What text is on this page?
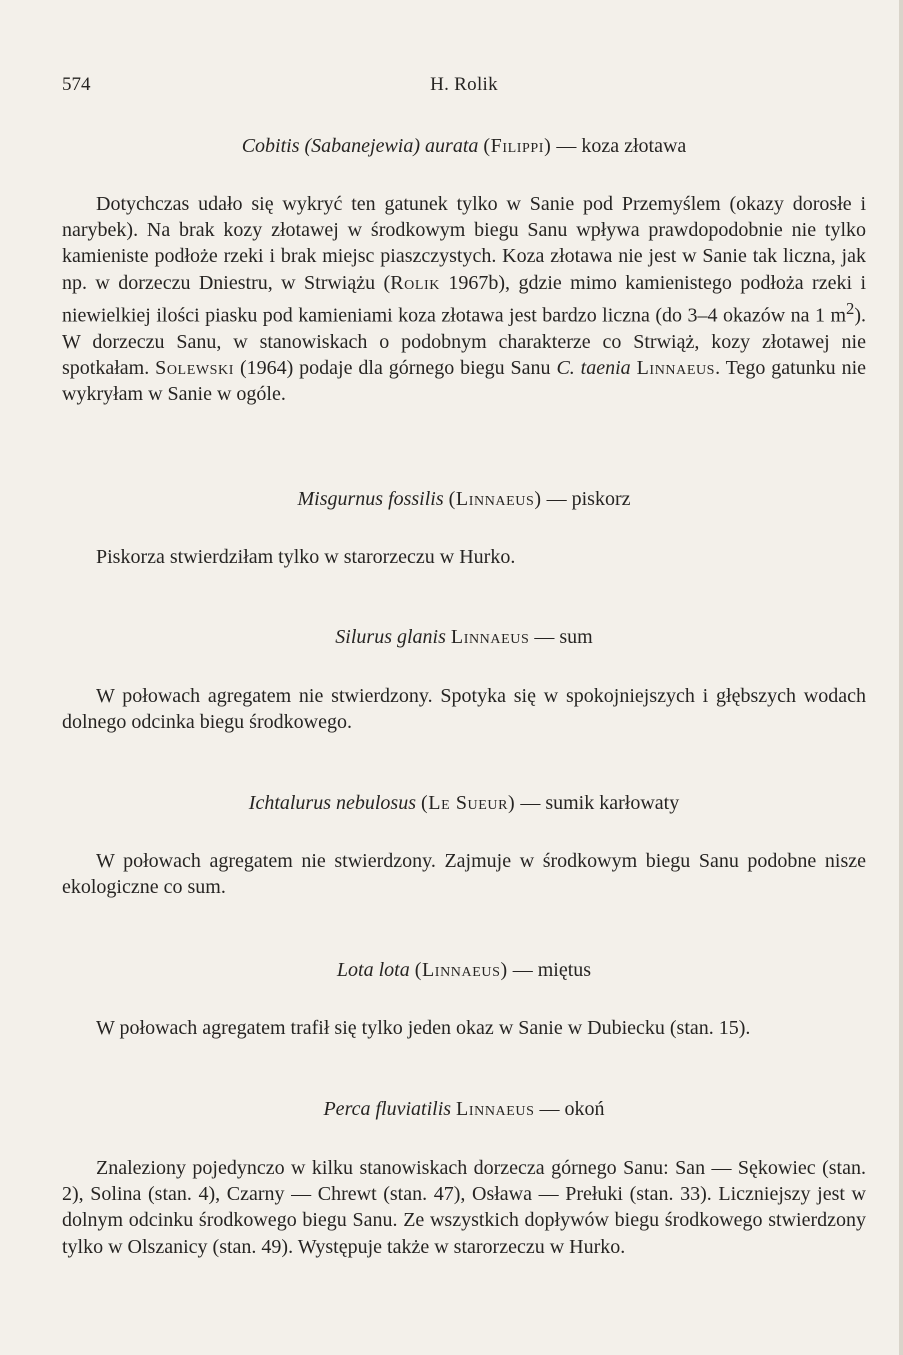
574	H. Rolik
Cobitis (Sabanejewia) aurata (Filippi) — koza złotawa
Dotychczas udało się wykryć ten gatunek tylko w Sanie pod Przemyślem (okazy dorosłe i narybek). Na brak kozy złotawej w środkowym biegu Sanu wpływa prawdopodobnie nie tylko kamieniste podłoże rzeki i brak miejsc piaszczystych. Koza złotawa nie jest w Sanie tak liczna, jak np. w dorzeczu Dniestru, w Strwiążu (Rolik 1967b), gdzie mimo kamienistego podłoża rzeki i niewielkiej ilości piasku pod kamieniami koza złotawa jest bardzo liczna (do 3–4 okazów na 1 $m^2$). W dorzeczu Sanu, w stanowiskach o podobnym charakterze co Strwiąż, kozy złotawej nie spotkałam. Solewski (1964) podaje dla górnego biegu Sanu C. taenia Linnaeus. Tego gatunku nie wykryłam w Sanie w ogóle.
Misgurnus fossilis (Linnaeus) — piskorz
Piskorza stwierdziłam tylko w starorzeczu w Hurko.
Silurus glanis Linnaeus — sum
W połowach agregatem nie stwierdzony. Spotyka się w spokojniejszych i głębszych wodach dolnego odcinka biegu środkowego.
Ichtalurus nebulosus (Le Sueur) — sumik karłowaty
W połowach agregatem nie stwierdzony. Zajmuje w środkowym biegu Sanu podobne nisze ekologiczne co sum.
Lota lota (Linnaeus) — miętus
W połowach agregatem trafił się tylko jeden okaz w Sanie w Dubiecku (stan. 15).
Perca fluviatilis Linnaeus — okoń
Znaleziony pojedynczo w kilku stanowiskach dorzecza górnego Sanu: San — Sękowiec (stan. 2), Solina (stan. 4), Czarny — Chrewt (stan. 47), Osława — Prełuki (stan. 33). Liczniejszy jest w dolnym odcinku środkowego biegu Sanu. Ze wszystkich dopływów biegu środkowego stwierdzony tylko w Olszanicy (stan. 49). Występuje także w starorzeczu w Hurko.
